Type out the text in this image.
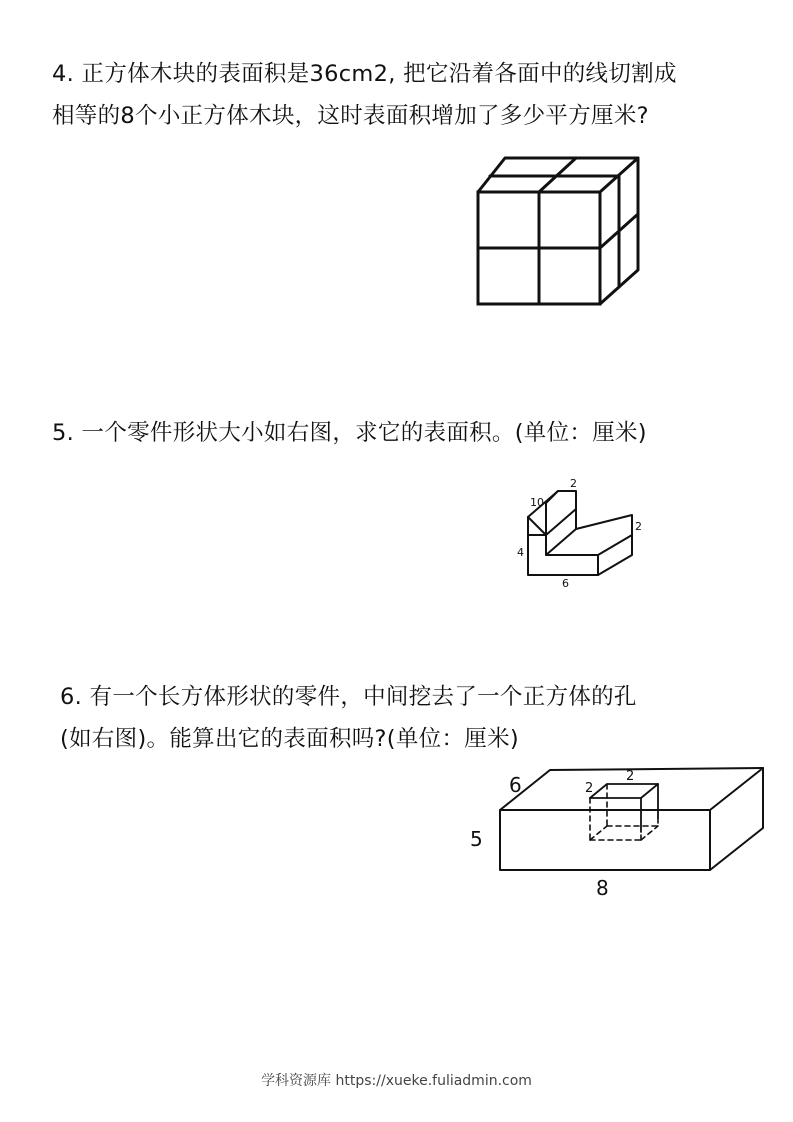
4. 正方体木块的表面积是36cm2, 把它沿着各面中的线切割成
相等的8个小正方体木块，这时表面积增加了多少平方厘米?
5. 一个零件形状大小如右图，求它的表面积。(单位：厘米)
2
10
2
4
6
6. 有一个长方体形状的零件，中间挖去了一个正方体的孔
(如右图)。能算出它的表面积吗?(单位：厘米)
6
5
8
2
2
学科资源库 https://xueke.fuliadmin.com
